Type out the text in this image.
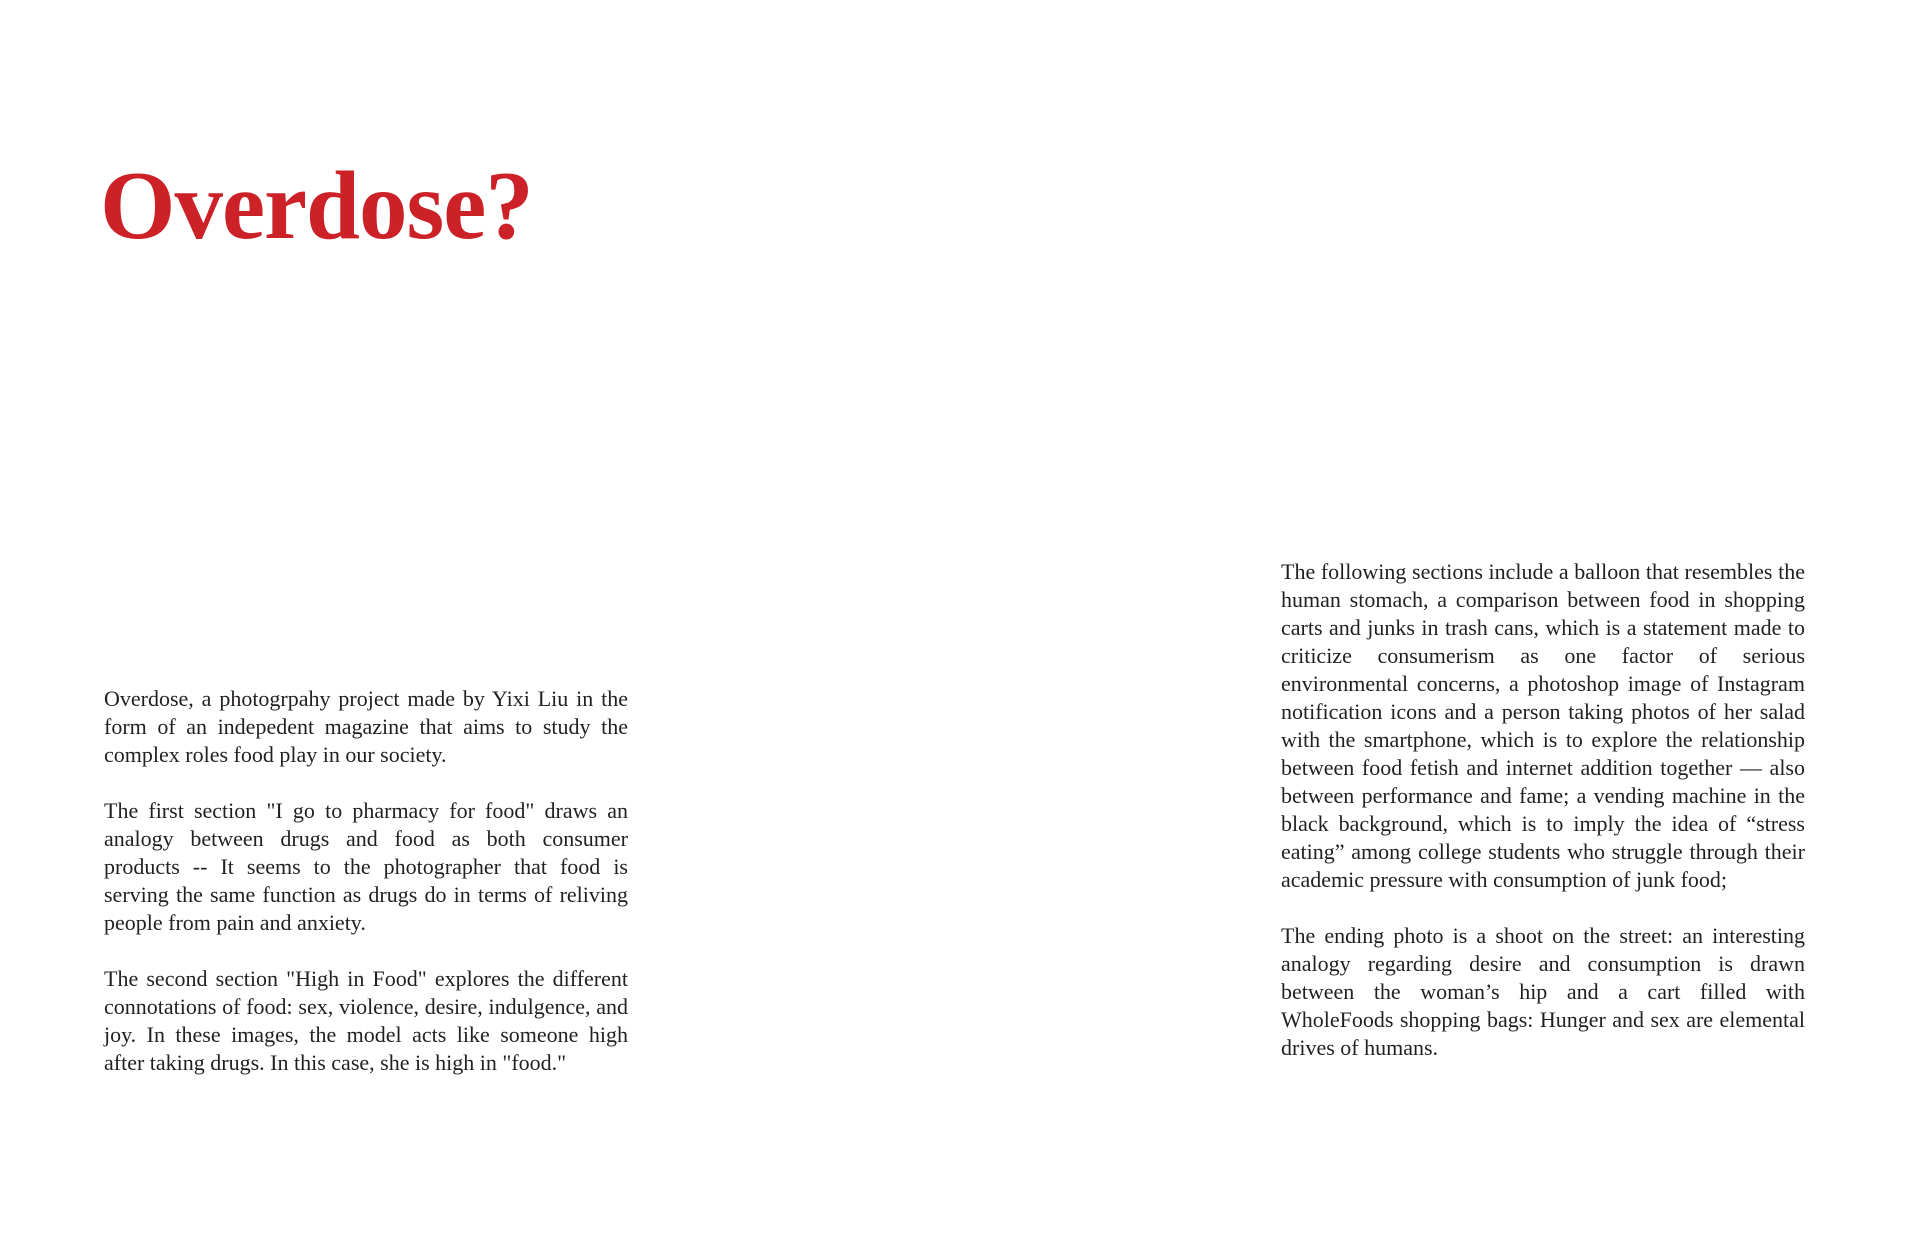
Overdose?

Overdose, a photogrpahy project made by Yixi Liu in the form of an indepedent magazine that aims to study the complex roles food play in our society.

The first section "I go to pharmacy for food" draws an analogy between drugs and food as both consumer products -- It seems to the photographer that food is serving the same function as drugs do in terms of reliving people from pain and anxiety.

The second section "High in Food" explores the different connotations of food: sex, violence, desire, indulgence, and joy. In these images, the model acts like someone high after taking drugs. In this case, she is high in "food."

The following sections include a balloon that resembles the human stomach, a comparison between food in shopping carts and junks in trash cans, which is a statement made to criticize consumerism as one factor of serious environmental concerns, a photoshop image of Instagram notification icons and a person taking photos of her salad with the smartphone, which is to explore the relationship between food fetish and internet addition together — also between performance and fame; a vending machine in the black background, which is to imply the idea of “stress eating” among college students who struggle through their academic pressure with consumption of junk food;

The ending photo is a shoot on the street: an interesting analogy regarding desire and consumption is drawn between the woman’s hip and a cart filled with WholeFoods shopping bags: Hunger and sex are elemental drives of humans.
